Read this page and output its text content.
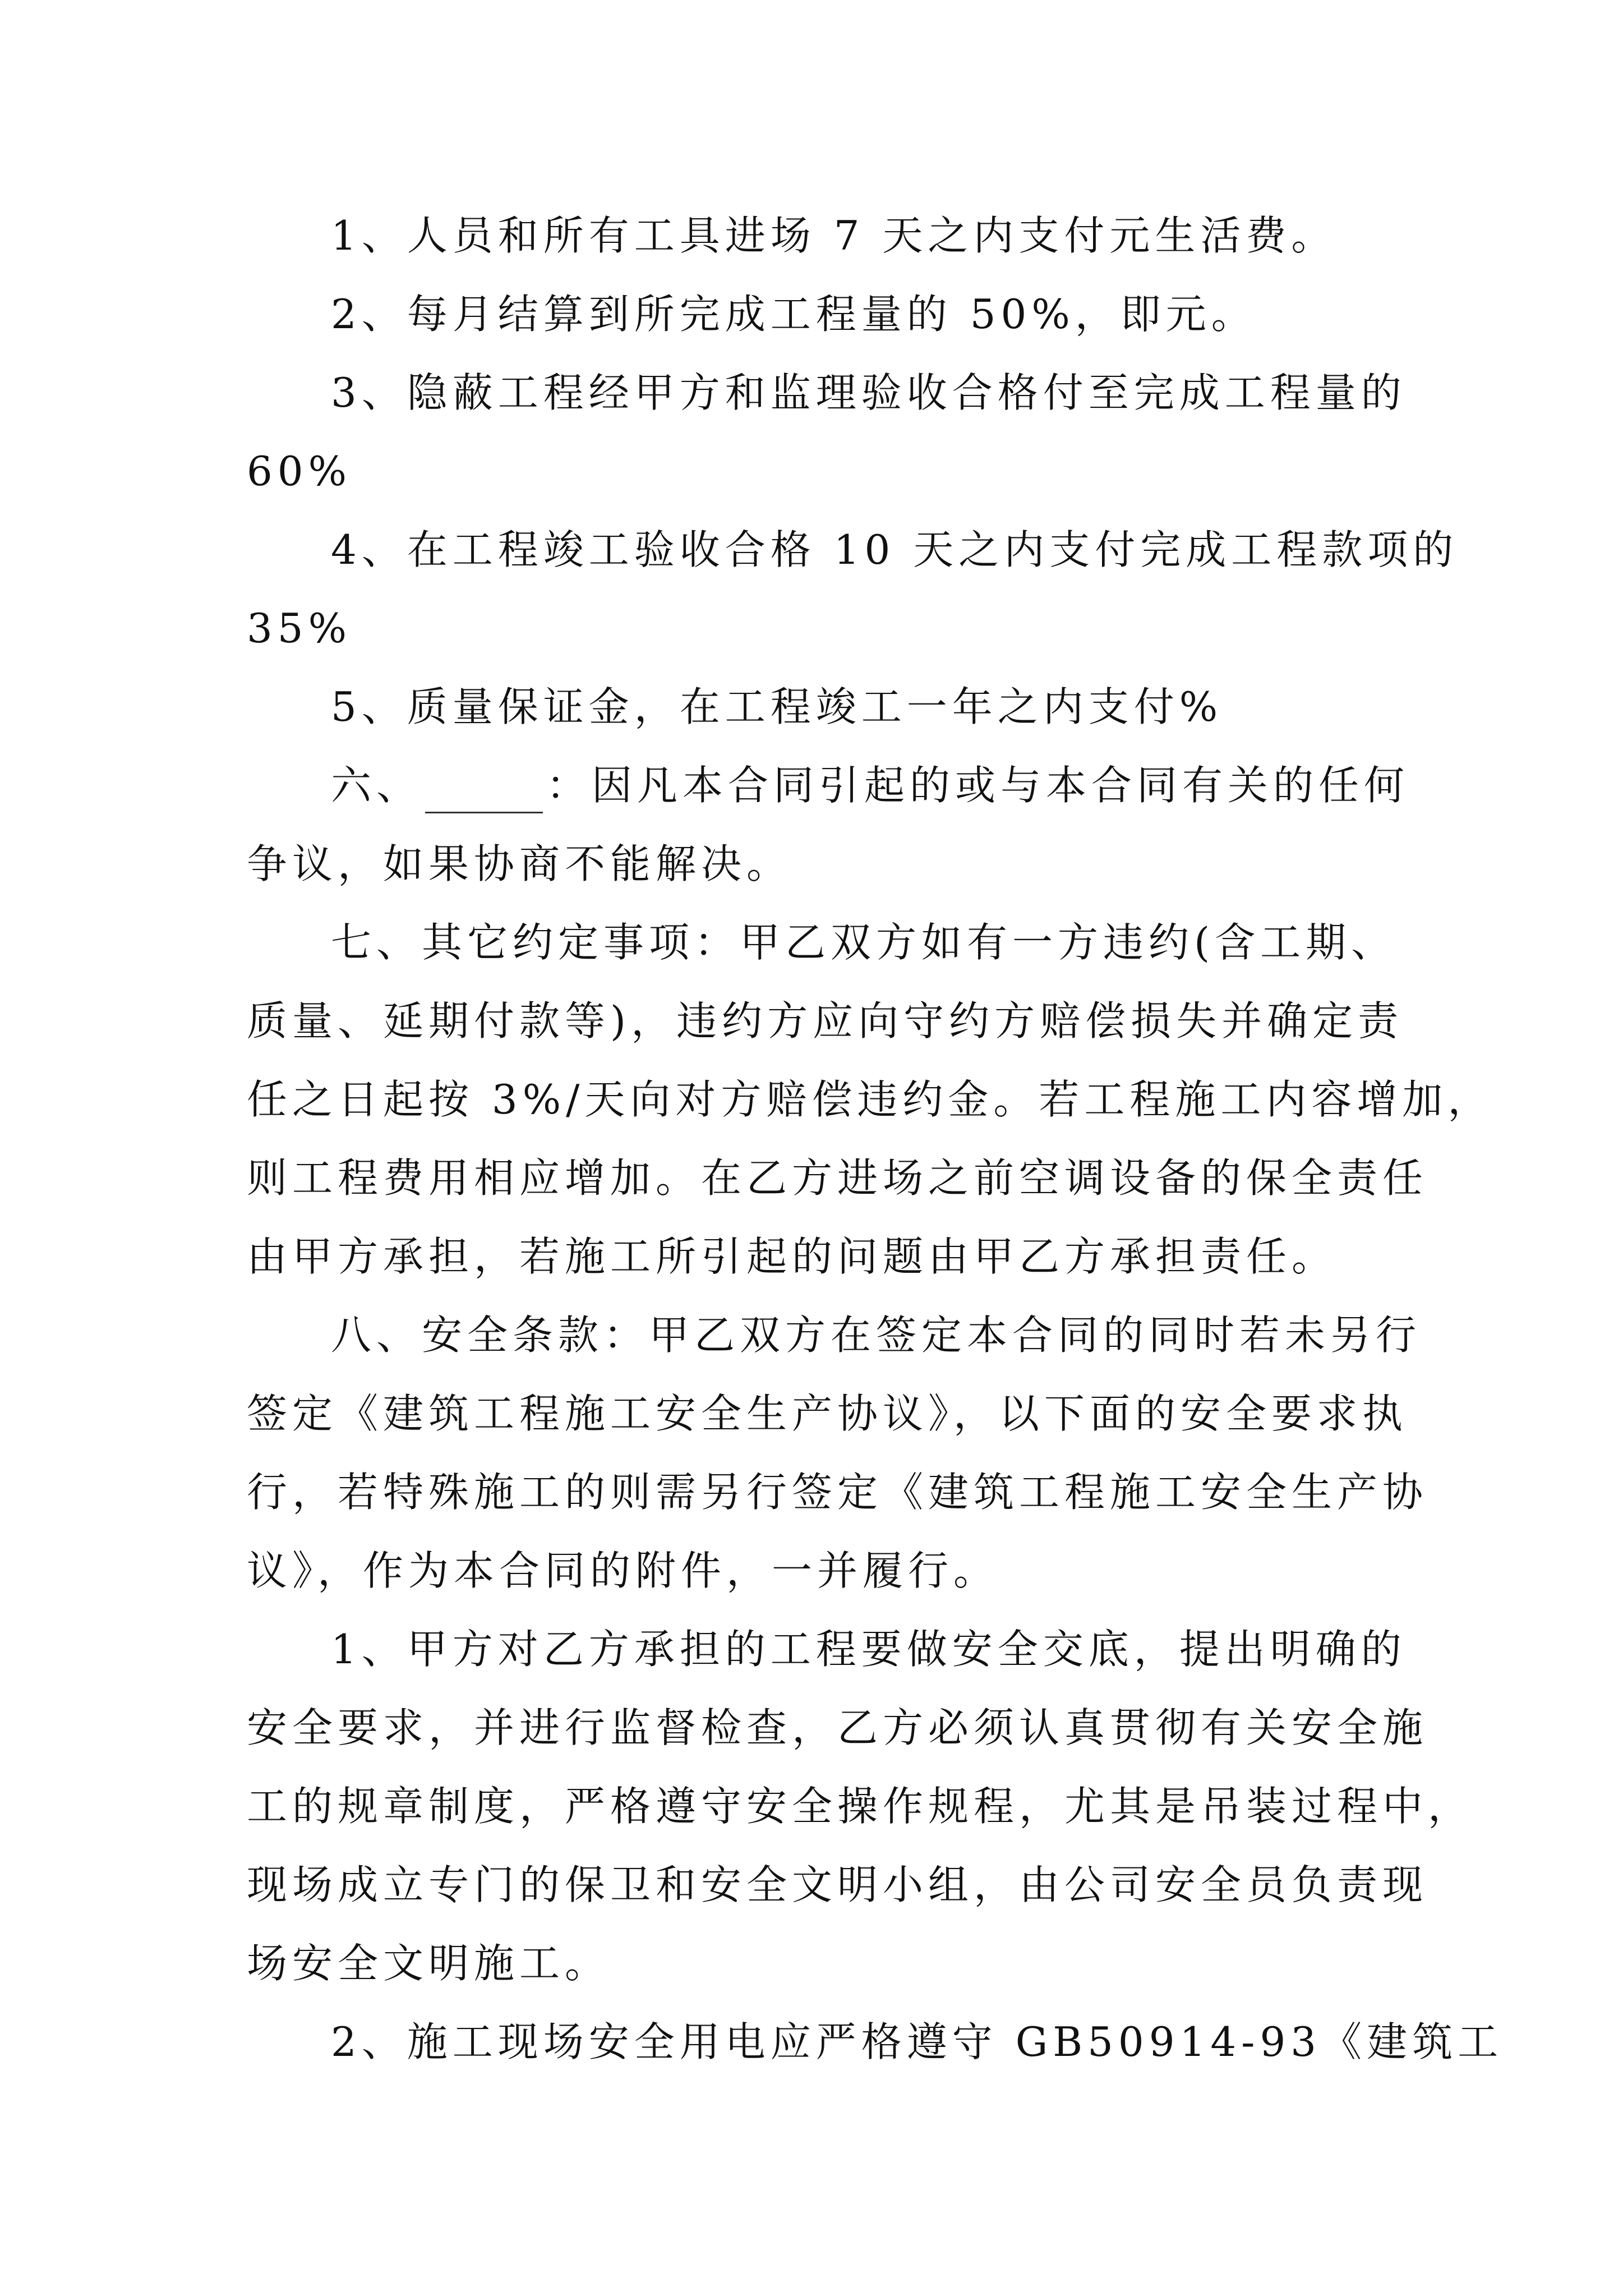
1、人员和所有工具进场 7 天之内支付元生活费。

2、每月结算到所完成工程量的 50%，即元。

3、隐蔽工程经甲方和监理验收合格付至完成工程量的

60%

4、在工程竣工验收合格 10 天之内支付完成工程款项的

35%

5、质量保证金，在工程竣工一年之内支付%

六、	：因凡本合同引起的或与本合同有关的任何

争议，如果协商不能解决。

七、其它约定事项：甲乙双方如有一方违约(含工期、

质量、延期付款等)，违约方应向守约方赔偿损失并确定责

任之日起按 3%/天向对方赔偿违约金。若工程施工内容增加，

则工程费用相应增加。在乙方进场之前空调设备的保全责任

由甲方承担，若施工所引起的问题由甲乙方承担责任。

八、安全条款：甲乙双方在签定本合同的同时若未另行

签定《建筑工程施工安全生产协议》，以下面的安全要求执

行，若特殊施工的则需另行签定《建筑工程施工安全生产协

议》，作为本合同的附件，一并履行。

1、甲方对乙方承担的工程要做安全交底，提出明确的

安全要求，并进行监督检查，乙方必须认真贯彻有关安全施

工的规章制度，严格遵守安全操作规程，尤其是吊装过程中，

现场成立专门的保卫和安全文明小组，由公司安全员负责现

场安全文明施工。

2、施工现场安全用电应严格遵守 GB50914-93《建筑工
